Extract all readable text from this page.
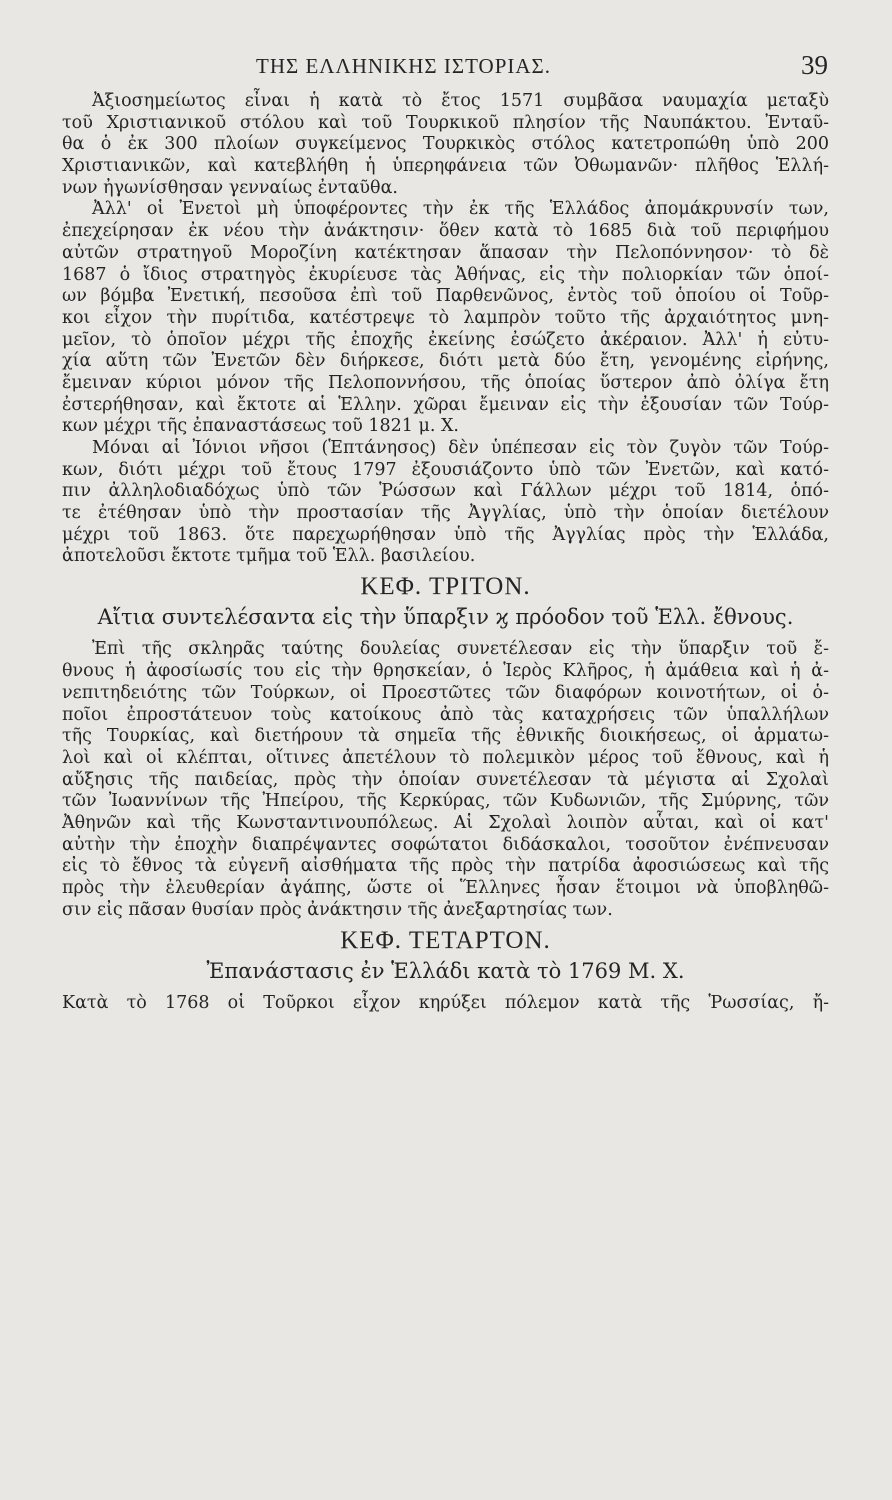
ΤΗΣ ΕΛΛΗΝΙΚΗΣ ΙΣΤΟΡΙΑΣ.	39
Ἀξιοσημείωτος εἶναι ἡ κατὰ τὸ ἔτος 1571 συμβᾶσα ναυμαχία μεταξὺ
τοῦ Χριστιανικοῦ στόλου καὶ τοῦ Τουρκικοῦ πλησίον τῆς Ναυπάκτου. Ἐνταῦ-
θα ὁ ἐκ 300 πλοίων συγκείμενος Τουρκικὸς στόλος κατετροπώθη ὑπὸ 200
Χριστιανικῶν, καὶ κατεβλήθη ἡ ὑπερηφάνεια τῶν Ὀθωμανῶν· πλῆθος Ἑλλή-
νων ἠγωνίσθησαν γενναίως ἐνταῦθα.
Ἀλλ' οἱ Ἐνετοὶ μὴ ὑποφέροντες τὴν ἐκ τῆς Ἑλλάδος ἀπομάκρυνσίν των,
ἐπεχείρησαν ἐκ νέου τὴν ἀνάκτησιν· ὅθεν κατὰ τὸ 1685 διὰ τοῦ περιφήμου
αὐτῶν στρατηγοῦ Μοροζίνη κατέκτησαν ἅπασαν τὴν Πελοπόννησον· τὸ δὲ
1687 ὁ ἴδιος στρατηγὸς ἐκυρίευσε τὰς Ἀθήνας, εἰς τὴν πολιορκίαν τῶν ὁποί-
ων βόμβα Ἐνετική, πεσοῦσα ἐπὶ τοῦ Παρθενῶνος, ἐντὸς τοῦ ὁποίου οἱ Τοῦρ-
κοι εἶχον τὴν πυρίτιδα, κατέστρεψε τὸ λαμπρὸν τοῦτο τῆς ἀρχαιότητος μνη-
μεῖον, τὸ ὁποῖον μέχρι τῆς ἐποχῆς ἐκείνης ἐσώζετο ἀκέραιον. Ἀλλ' ἡ εὐτυ-
χία αὕτη τῶν Ἐνετῶν δὲν διήρκεσε, διότι μετὰ δύο ἔτη, γενομένης εἰρήνης,
ἔμειναν κύριοι μόνον τῆς Πελοποννήσου, τῆς ὁποίας ὕστερον ἀπὸ ὀλίγα ἔτη
ἐστερήθησαν, καὶ ἔκτοτε αἱ Ἑλλην. χῶραι ἔμειναν εἰς τὴν ἐξουσίαν τῶν Τούρ-
κων μέχρι τῆς ἐπαναστάσεως τοῦ 1821 μ. Χ.
Μόναι αἱ Ἰόνιοι νῆσοι (Ἑπτάνησος) δὲν ὑπέπεσαν εἰς τὸν ζυγὸν τῶν Τούρ-
κων, διότι μέχρι τοῦ ἔτους 1797 ἐξουσιάζοντο ὑπὸ τῶν Ἐνετῶν, καὶ κατό-
πιν ἀλληλοδιαδόχως ὑπὸ τῶν Ῥώσσων καὶ Γάλλων μέχρι τοῦ 1814, ὁπό-
τε ἐτέθησαν ὑπὸ τὴν προστασίαν τῆς Ἀγγλίας, ὑπὸ τὴν ὁποίαν διετέλουν
μέχρι τοῦ 1863. ὅτε παρεχωρήθησαν ὑπὸ τῆς Ἀγγλίας πρὸς τὴν Ἑλλάδα,
ἀποτελοῦσι ἔκτοτε τμῆμα τοῦ Ἑλλ. βασιλείου.
ΚΕΦ. ΤΡΙΤΟΝ.
Αἴτια συντελέσαντα εἰς τὴν ὕπαρξιν ϗ πρόοδον τοῦ Ἑλλ. ἔθνους.
Ἐπὶ τῆς σκληρᾶς ταύτης δουλείας συνετέλεσαν εἰς τὴν ὕπαρξιν τοῦ ἔ-
θνους ἡ ἀφοσίωσίς του εἰς τὴν θρησκείαν, ὁ Ἱερὸς Κλῆρος, ἡ ἀμάθεια καὶ ἡ ἀ-
νεπιτηδειότης τῶν Τούρκων, οἱ Προεστῶτες τῶν διαφόρων κοινοτήτων, οἱ ὁ-
ποῖοι ἐπροστάτευον τοὺς κατοίκους ἀπὸ τὰς καταχρήσεις τῶν ὑπαλλήλων
τῆς Τουρκίας, καὶ διετήρουν τὰ σημεῖα τῆς ἐθνικῆς διοικήσεως, οἱ ἁρματω-
λοὶ καὶ οἱ κλέπται, οἵτινες ἀπετέλουν τὸ πολεμικὸν μέρος τοῦ ἔθνους, καὶ ἡ
αὔξησις τῆς παιδείας, πρὸς τὴν ὁποίαν συνετέλεσαν τὰ μέγιστα αἱ Σχολαὶ
τῶν Ἰωαννίνων τῆς Ἠπείρου, τῆς Κερκύρας, τῶν Κυδωνιῶν, τῆς Σμύρνης, τῶν
Ἀθηνῶν καὶ τῆς Κωνσταντινουπόλεως. Αἱ Σχολαὶ λοιπὸν αὗται, καὶ οἱ κατ'
αὐτὴν τὴν ἐποχὴν διαπρέψαντες σοφώτατοι διδάσκαλοι, τοσοῦτον ἐνέπνευσαν
εἰς τὸ ἔθνος τὰ εὐγενῆ αἰσθήματα τῆς πρὸς τὴν πατρίδα ἀφοσιώσεως καὶ τῆς
πρὸς τὴν ἐλευθερίαν ἀγάπης, ὥστε οἱ Ἕλληνες ἦσαν ἕτοιμοι νὰ ὑποβληθῶ-
σιν εἰς πᾶσαν θυσίαν πρὸς ἀνάκτησιν τῆς ἀνεξαρτησίας των.
ΚΕΦ. ΤΕΤΑΡΤΟΝ.
Ἐπανάστασις ἐν Ἑλλάδι κατὰ τὸ 1769 Μ. Χ.
Κατὰ τὸ 1768 οἱ Τοῦρκοι εἶχον κηρύξει πόλεμον κατὰ τῆς Ῥωσσίας, ἤ-
